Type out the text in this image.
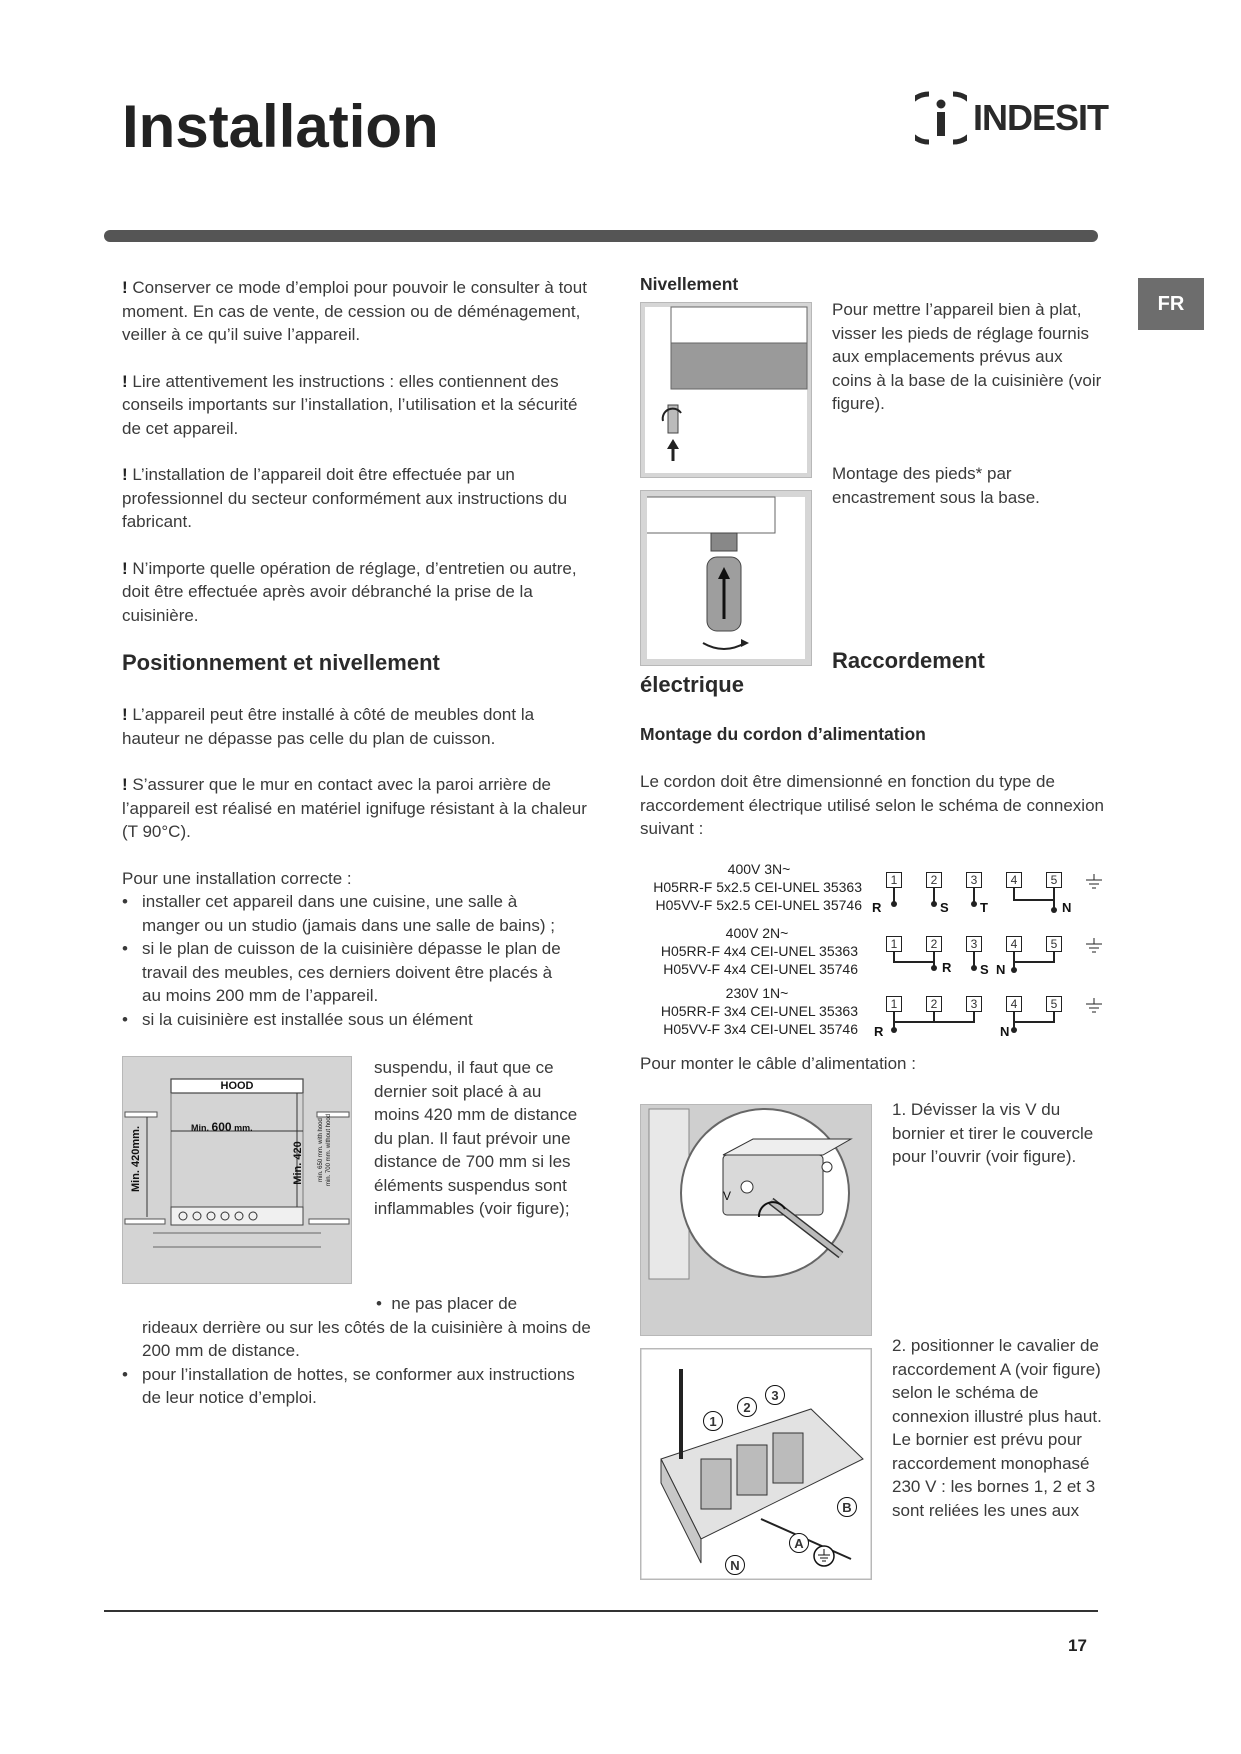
Installation	INDESIT
FR

! Conserver ce mode d’emploi pour pouvoir le consulter à tout moment. En cas de vente, de cession ou de déménagement, veiller à ce qu’il suive l’appareil.

! Lire attentivement les instructions : elles contiennent des conseils importants sur l’installation, l’utilisation et la sécurité de cet appareil.

! L’installation de l’appareil doit être effectuée par un professionnel du secteur conformément aux instructions du fabricant.

! N’importe quelle opération de réglage, d’entretien ou autre, doit être effectuée après avoir débranché la prise de la cuisinière.

Positionnement et nivellement

! L’appareil peut être installé à côté de meubles dont la hauteur ne dépasse pas celle du plan de cuisson.

! S’assurer que le mur en contact avec la paroi arrière de l’appareil est réalisé en matériel ignifuge résistant à la chaleur (T 90°C).

Pour une installation correcte :

• installer cet appareil dans une cuisine, une salle à manger ou un studio (jamais dans une salle de bains) ;
• si le plan de cuisson de la cuisinière dépasse le plan de travail des meubles, ces derniers doivent être placés à au moins 200 mm de l’appareil.
• si la cuisinière est installée sous un élément
HOOD
Min. 600 mm.
Min. 420mm.	Min. 420 min. 650 mm. with hood min. 700 mm. without hood

suspendu, il faut que ce dernier soit placé à au moins 420 mm de distance du plan. Il faut prévoir une distance de 700 mm si les éléments suspendus sont inflammables (voir figure);

•  ne pas placer de

rideaux derrière ou sur les côtés de la cuisinière à moins de 200 mm de distance.

• pour l’installation de hottes, se conformer aux instructions de leur notice d’emploi.
Nivellement

Pour mettre l’appareil bien à plat, visser les pieds de réglage fournis aux emplacements prévus aux coins à la base de la cuisinière (voir figure).

Montage des pieds* par encastrement sous la base.

Raccordement
électrique
Montage du cordon d’alimentation

Le cordon doit être dimensionné en fonction du type de raccordement électrique utilisé selon le schéma de connexion suivant :

400V 3N~
H05RR-F 5x2.5 CEI-UNEL 35363
H05VV-F 5x2.5 CEI-UNEL 35746
1	2	3	4	5
R	S T	N
400V 2N~
H05RR-F 4x4 CEI-UNEL 35363
H05VV-F 4x4 CEI-UNEL 35746
1	2	3	4	5
R S N
230V 1N~
H05RR-F 3x4 CEI-UNEL 35363
H05VV-F 3x4 CEI-UNEL 35746
1	2	3	4	5
R	N

Pour monter le câble d’alimentation :

V

1. Dévisser la vis V du bornier et tirer le couvercle pour l’ouvrir (voir figure).

1
2
3
A
B
N

2. positionner le cavalier de raccordement A (voir figure) selon le schéma de connexion illustré plus haut. Le bornier est prévu pour raccordement monophasé 230 V : les bornes 1, 2 et 3 sont reliées les unes aux

17
